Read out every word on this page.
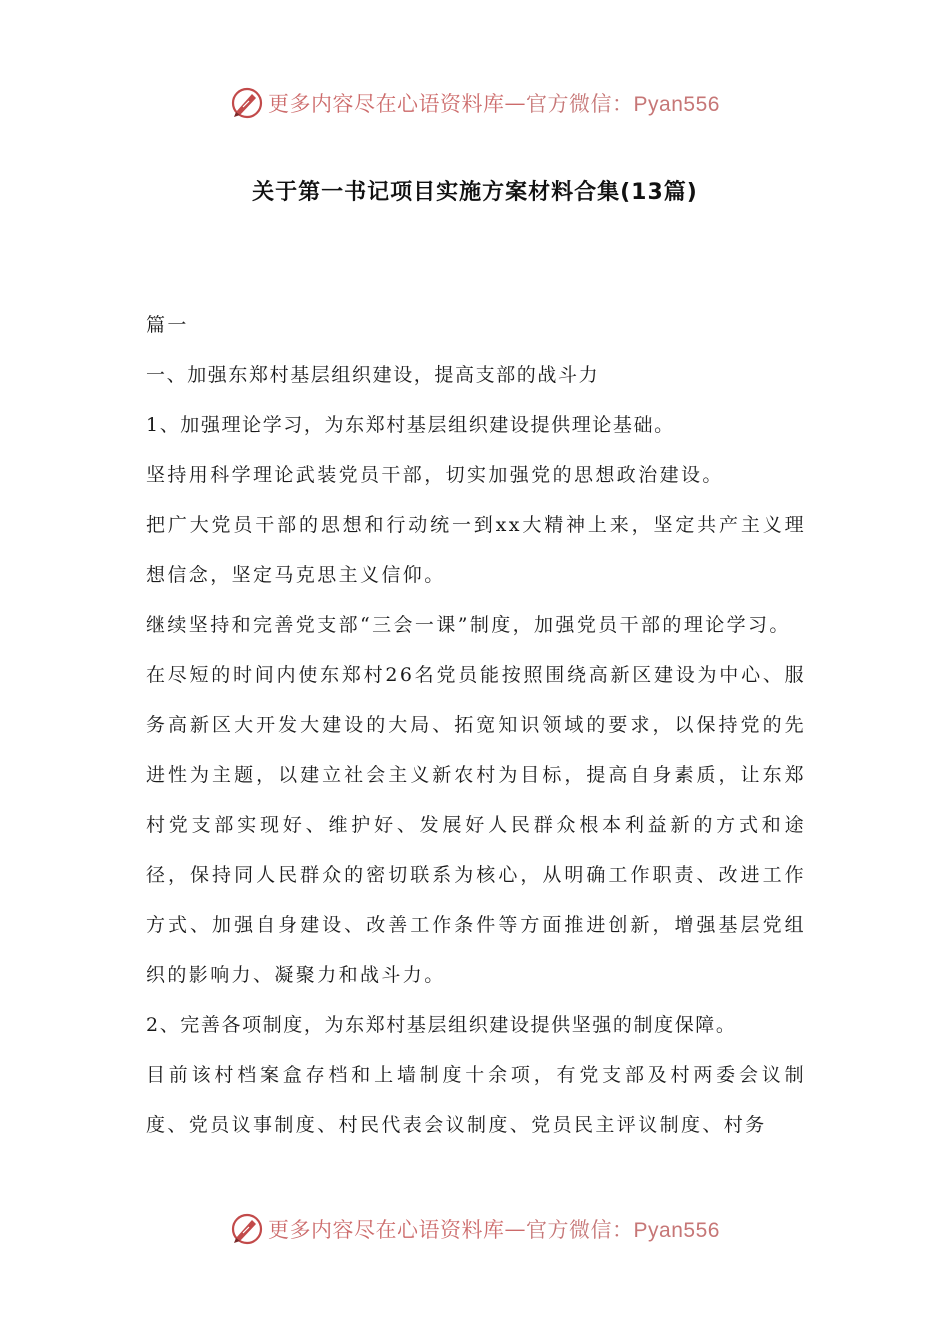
更多内容尽在心语资料库 — 官方微信：Pyan556
关于第一书记项目实施方案材料合集(13篇)

篇一

一、加强东郑村基层组织建设，提高支部的战斗力

1、加强理论学习，为东郑村基层组织建设提供理论基础。

坚持用科学理论武装党员干部，切实加强党的思想政治建设。

把广大党员干部的思想和行动统一到xx大精神上来，坚定共产主义理想信念，坚定马克思主义信仰。

继续坚持和完善党支部“三会一课”制度，加强党员干部的理论学习。

在尽短的时间内使东郑村26名党员能按照围绕高新区建设为中心、服务高新区大开发大建设的大局、拓宽知识领域的要求，以保持党的先进性为主题，以建立社会主义新农村为目标，提高自身素质，让东郑村党支部实现好、维护好、发展好人民群众根本利益新的方式和途径，保持同人民群众的密切联系为核心，从明确工作职责、改进工作方式、加强自身建设、改善工作条件等方面推进创新，增强基层党组织的影响力、凝聚力和战斗力。

2、完善各项制度，为东郑村基层组织建设提供坚强的制度保障。

目前该村档案盒存档和上墙制度十余项，有党支部及村两委会议制度、党员议事制度、村民代表会议制度、党员民主评议制度、村务

更多内容尽在心语资料库 — 官方微信：Pyan556
